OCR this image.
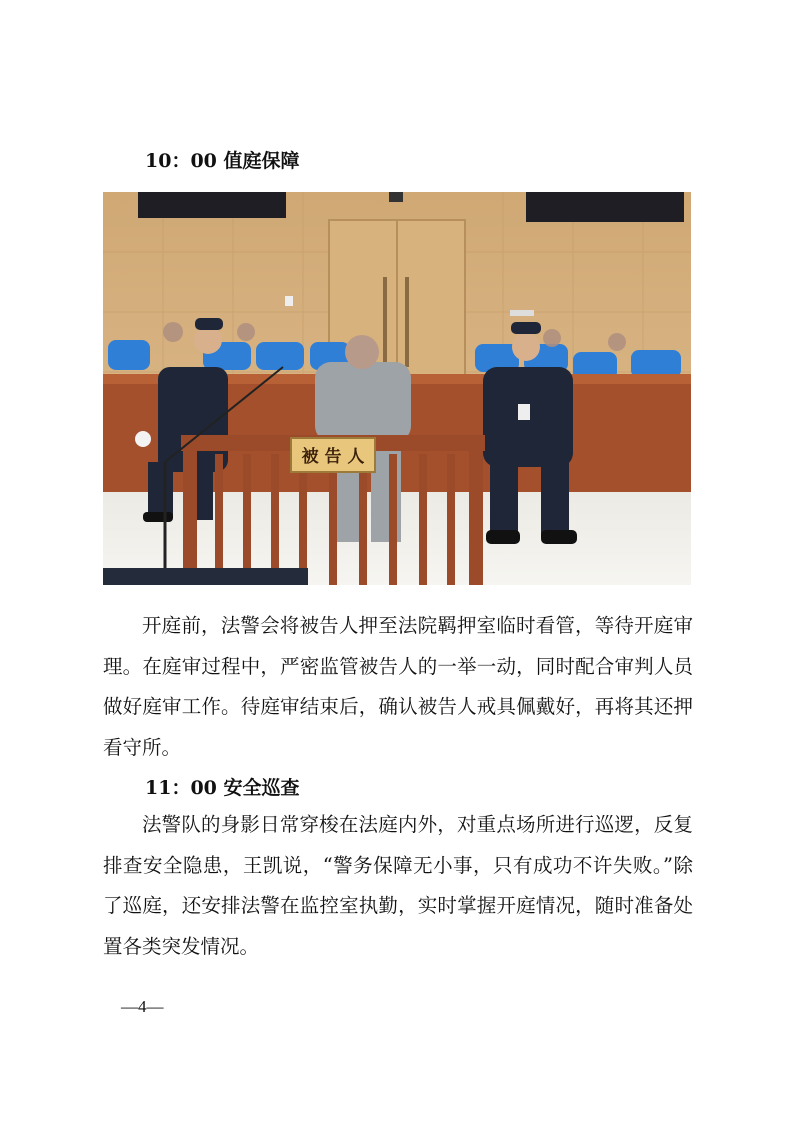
10：00 值庭保障
被 告 人

开庭前，法警会将被告人押至法院羁押室临时看管，等待开庭审理。在庭审过程中，严密监管被告人的一举一动，同时配合审判人员做好庭审工作。待庭审结束后，确认被告人戒具佩戴好，再将其还押看守所。

11：00 安全巡查

法警队的身影日常穿梭在法庭内外，对重点场所进行巡逻，反复排查安全隐患，王凯说，“警务保障无小事，只有成功不许失败。”除了巡庭，还安排法警在监控室执勤，实时掌握开庭情况，随时准备处置各类突发情况。

—4—
